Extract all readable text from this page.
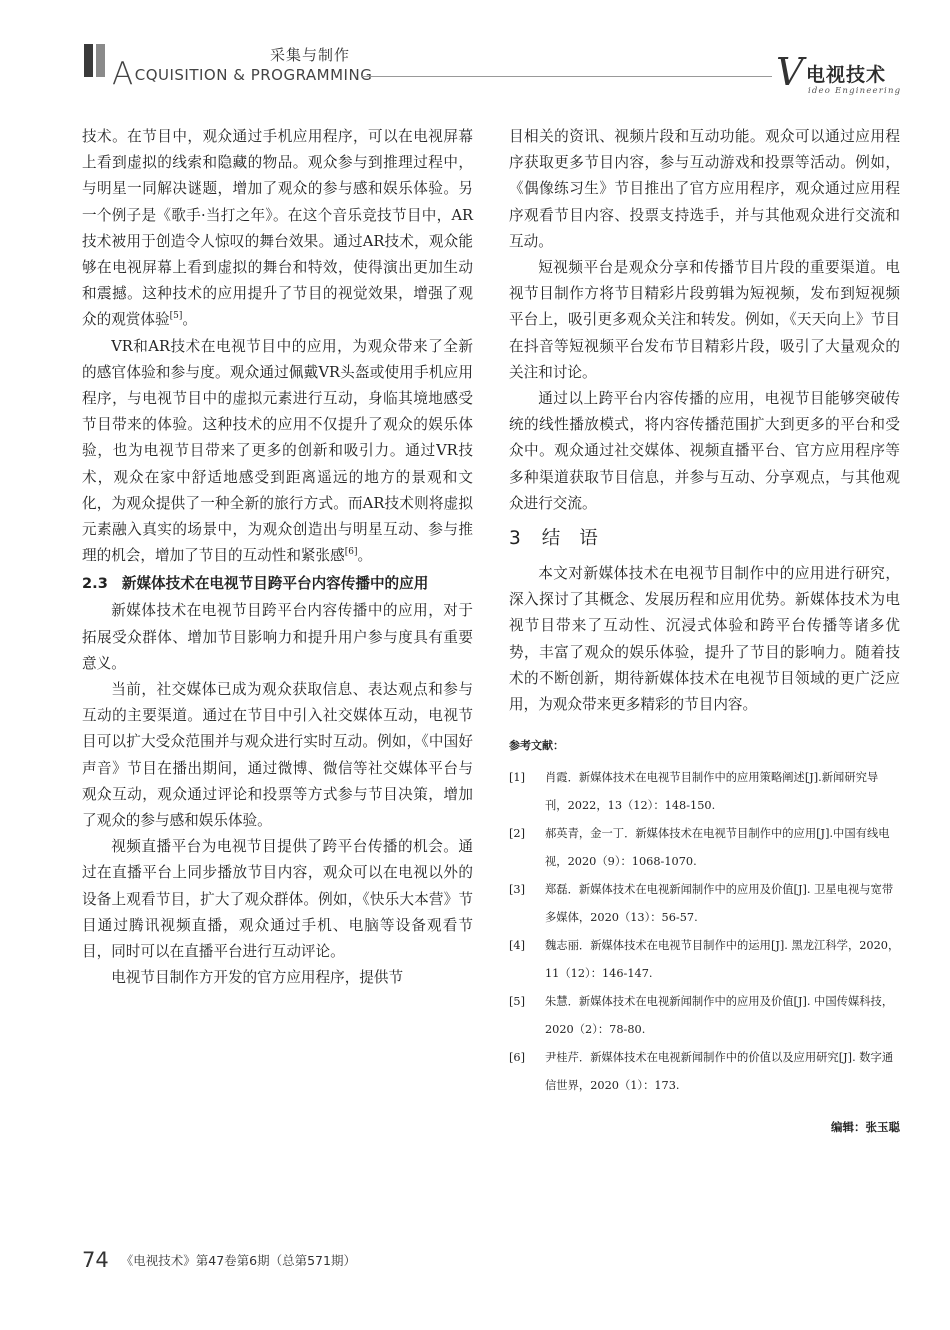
采集与制作
ACQUISITION & PROGRAMMING	V 电视技术
ideo Engineering

技术。在节目中，观众通过手机应用程序，可以在电视屏幕上看到虚拟的线索和隐藏的物品。观众参与到推理过程中，与明星一同解决谜题，增加了观众的参与感和娱乐体验。另一个例子是《歌手·当打之年》。在这个音乐竞技节目中，AR技术被用于创造令人惊叹的舞台效果。通过AR技术，观众能够在电视屏幕上看到虚拟的舞台和特效，使得演出更加生动和震撼。这种技术的应用提升了节目的视觉效果，增强了观众的观赏体验[5]。

VR和AR技术在电视节目中的应用，为观众带来了全新的感官体验和参与度。观众通过佩戴VR头盔或使用手机应用程序，与电视节目中的虚拟元素进行互动，身临其境地感受节目带来的体验。这种技术的应用不仅提升了观众的娱乐体验，也为电视节目带来了更多的创新和吸引力。通过VR技术，观众在家中舒适地感受到距离遥远的地方的景观和文化，为观众提供了一种全新的旅行方式。而AR技术则将虚拟元素融入真实的场景中，为观众创造出与明星互动、参与推理的机会，增加了节目的互动性和紧张感[6]。

2.3 新媒体技术在电视节目跨平台内容传播中的应用

新媒体技术在电视节目跨平台内容传播中的应用，对于拓展受众群体、增加节目影响力和提升用户参与度具有重要意义。

当前，社交媒体已成为观众获取信息、表达观点和参与互动的主要渠道。通过在节目中引入社交媒体互动，电视节目可以扩大受众范围并与观众进行实时互动。例如，《中国好声音》节目在播出期间，通过微博、微信等社交媒体平台与观众互动，观众通过评论和投票等方式参与节目决策，增加了观众的参与感和娱乐体验。

视频直播平台为电视节目提供了跨平台传播的机会。通过在直播平台上同步播放节目内容，观众可以在电视以外的设备上观看节目，扩大了观众群体。例如，《快乐大本营》节目通过腾讯视频直播，观众通过手机、电脑等设备观看节目，同时可以在直播平台进行互动评论。

电视节目制作方开发的官方应用程序，提供节

目相关的资讯、视频片段和互动功能。观众可以通过应用程序获取更多节目内容，参与互动游戏和投票等活动。例如，《偶像练习生》节目推出了官方应用程序，观众通过应用程序观看节目内容、投票支持选手，并与其他观众进行交流和互动。

短视频平台是观众分享和传播节目片段的重要渠道。电视节目制作方将节目精彩片段剪辑为短视频，发布到短视频平台上，吸引更多观众关注和转发。例如，《天天向上》节目在抖音等短视频平台发布节目精彩片段，吸引了大量观众的关注和讨论。

通过以上跨平台内容传播的应用，电视节目能够突破传统的线性播放模式，将内容传播范围扩大到更多的平台和受众中。观众通过社交媒体、视频直播平台、官方应用程序等多种渠道获取节目信息，并参与互动、分享观点，与其他观众进行交流。

3 结 语

本文对新媒体技术在电视节目制作中的应用进行研究，深入探讨了其概念、发展历程和应用优势。新媒体技术为电视节目带来了互动性、沉浸式体验和跨平台传播等诸多优势，丰富了观众的娱乐体验，提升了节目的影响力。随着技术的不断创新，期待新媒体技术在电视节目领域的更广泛应用，为观众带来更多精彩的节目内容。

参考文献：
[1] 肖霞．新媒体技术在电视节目制作中的应用策略阐述[J].新闻研究导刊，2022，13（12）：148-150.
[2] 郝英青，金一丁．新媒体技术在电视节目制作中的应用[J].中国有线电视，2020（9）：1068-1070.
[3] 郑磊．新媒体技术在电视新闻制作中的应用及价值[J]. 卫星电视与宽带多媒体，2020（13）：56-57.
[4] 魏志丽．新媒体技术在电视节目制作中的运用[J]. 黑龙江科学，2020，11（12）：146-147.
[5] 朱慧．新媒体技术在电视新闻制作中的应用及价值[J]. 中国传媒科技，2020（2）：78-80.
[6] 尹桂芹．新媒体技术在电视新闻制作中的价值以及应用研究[J]. 数字通信世界，2020（1）：173.
编辑：张玉聪
74 《电视技术》第47卷第6期（总第571期）
